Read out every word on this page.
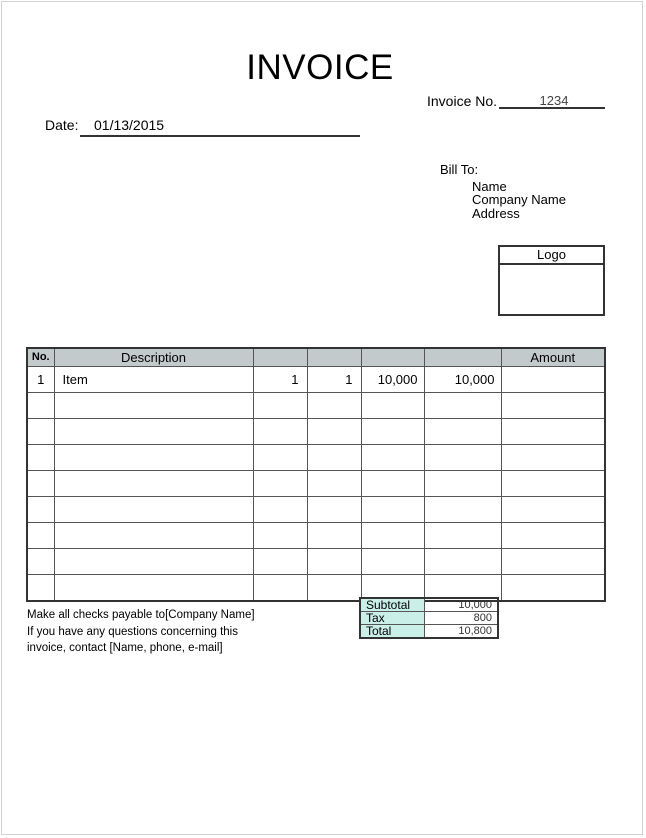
INVOICE
Invoice No.	1234
Date: 01/13/2015
Bill To:
Name
Company Name
Address
Logo
No.	Description					Amount
1	Item	1	1	10,000	10,000	

Make all checks payable to[Company Name]
If you have any questions concerning this
invoice, contact [Name, phone, e-mail]
Subtotal	10,000
Tax	800
Total	10,800
